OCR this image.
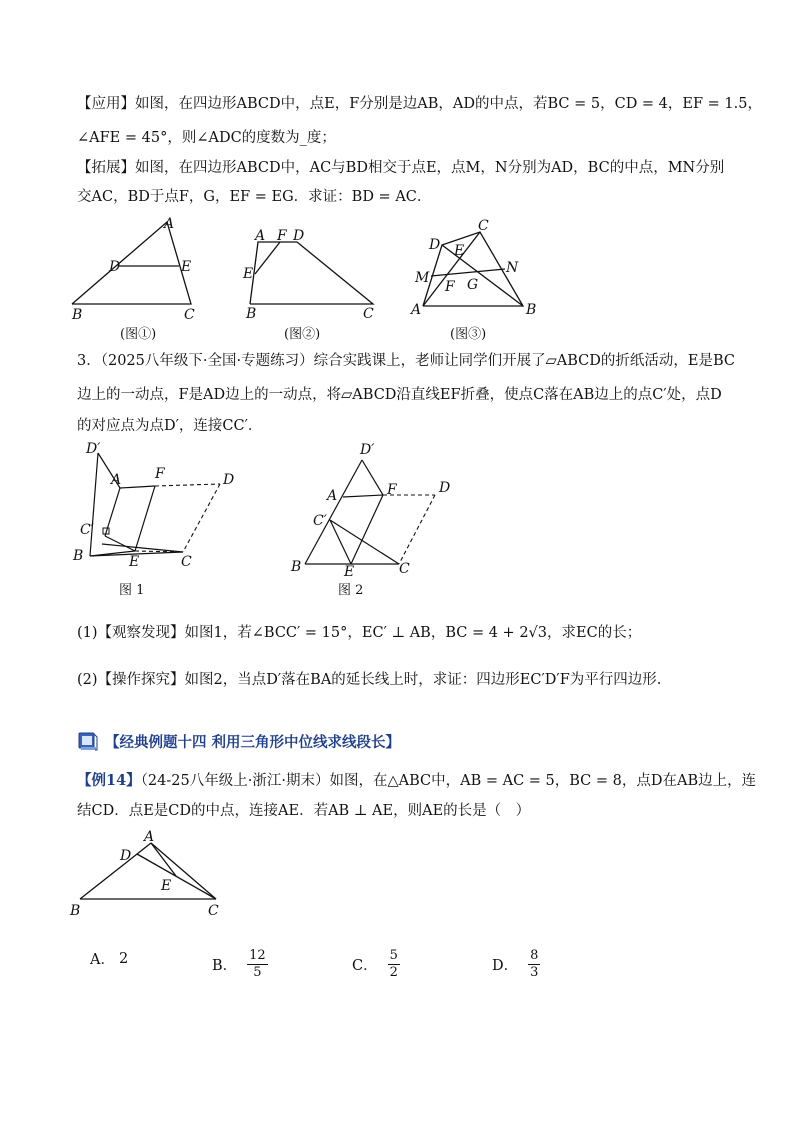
【应用】如图，在四边形ABCD中，点E，F分别是边AB，AD的中点，若BC = 5，CD = 4，EF = 1.5，
∠AFE = 45°，则∠ADC的度数为_度；
【拓展】如图，在四边形ABCD中，AC与BD相交于点E，点M，N分别为AD，BC的中点，MN分别
交AC，BD于点F，G，EF = EG．求证：BD = AC．
A
B	C
D	E
(图①)
A F D
E
B	C
(图②)
C
D E
M
N
F G
A	B
(图③)
3．（2025八年级下·全国·专题练习）综合实践课上，老师让同学们开展了▱ABCD的折纸活动，E是BC
边上的一动点，F是AD边上的一动点，将▱ABCD沿直线EF折叠，使点C落在AB边上的点C′处，点D
的对应点为点D′，连接CC′．
D′
A F	D
C′
B	E	C
图 1
D′
A	F	D
C′
B	E	C
图 2
(1)【观察发现】如图1，若∠BCC′ = 15°，EC′ ⊥ AB，BC = 4 + 2√3，求EC的长；
(2)【操作探究】如图2，当点D′落在BA的延长线上时，求证：四边形EC′D′F为平行四边形.
【经典例题十四 利用三角形中位线求线段长】
【例14】（24-25八年级上·浙江·期末）如图，在△ABC中，AB = AC = 5，BC = 8，点D在AB边上，连
结CD．点E是CD的中点，连接AE．若AB ⊥ AE，则AE的长是（　）
A
D
E
B	C
A． 2	B． $\frac{12}{5}$	C． $\frac{5}{2}$	D． $\frac{8}{3}$
